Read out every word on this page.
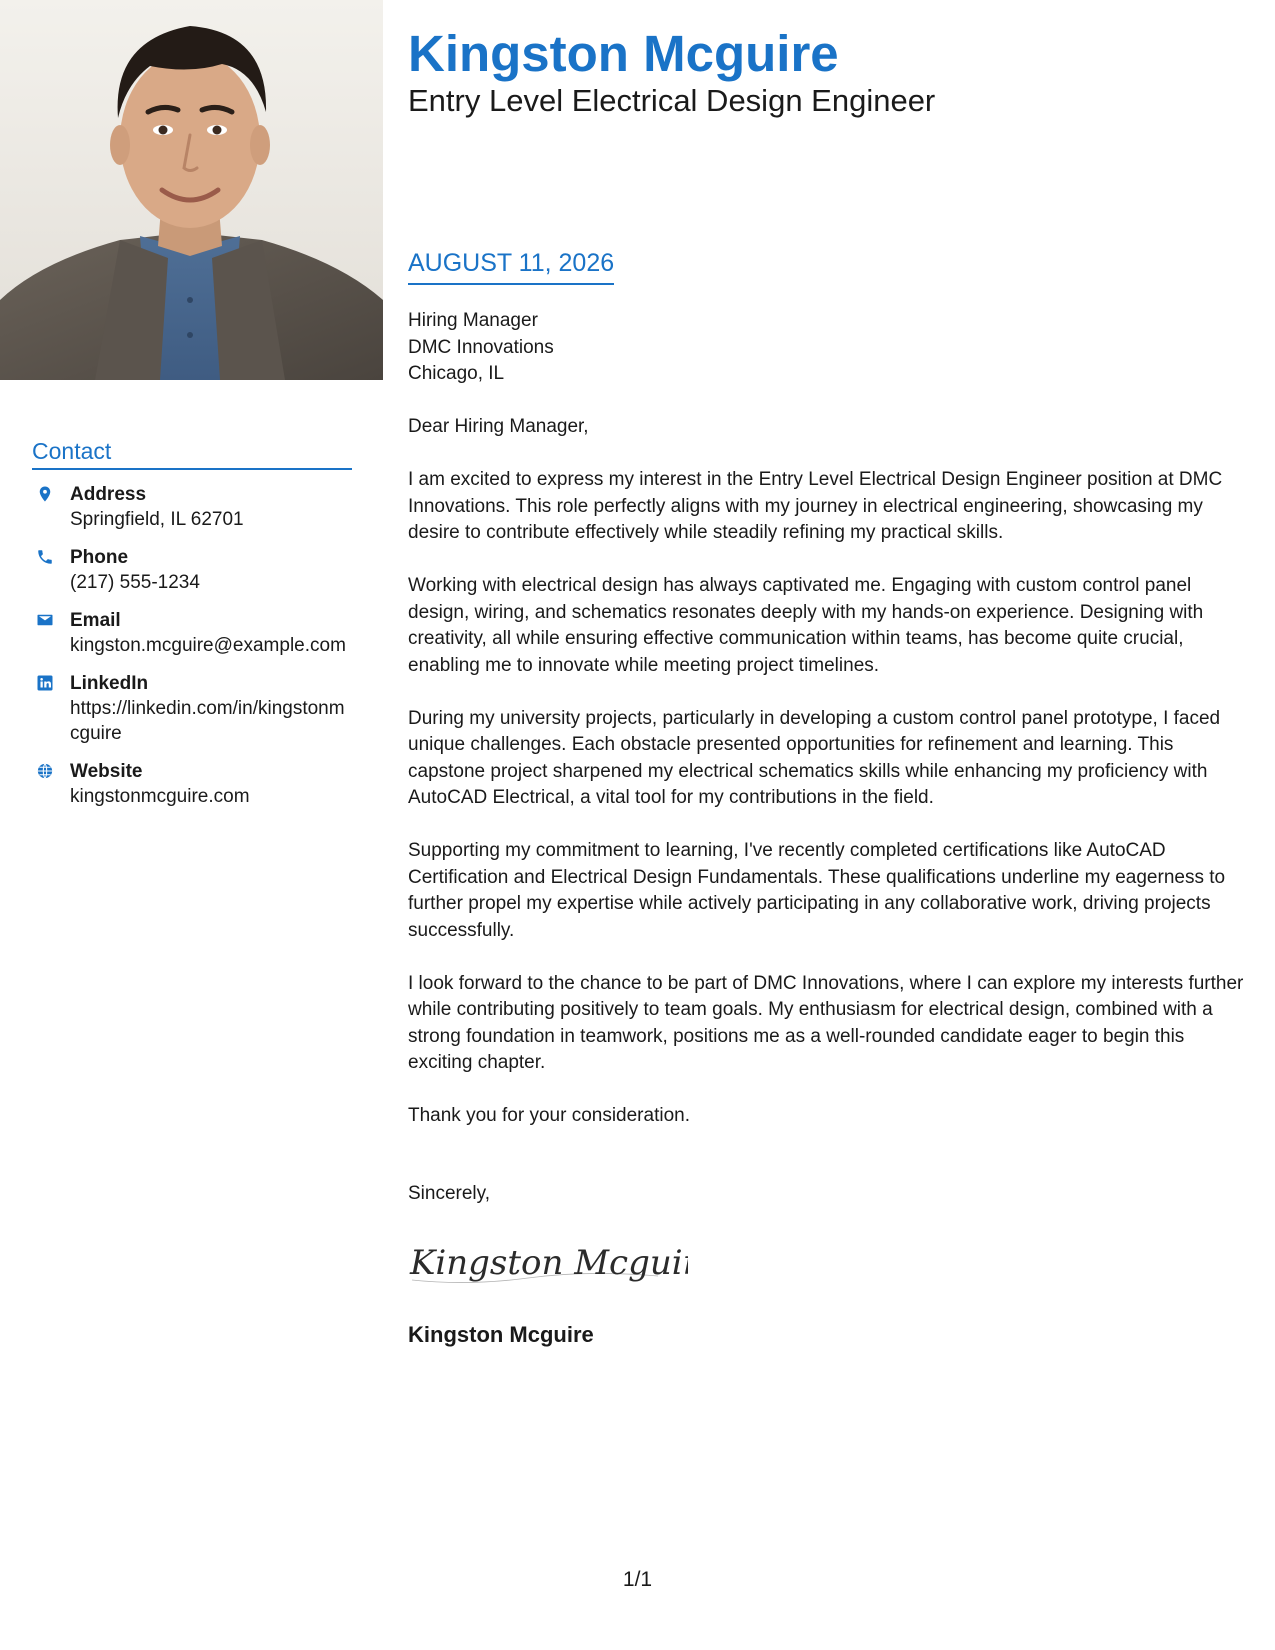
Contact
Address
Springfield, IL 62701
Phone
(217) 555-1234
Email
kingston.mcguire@example.com
LinkedIn
https://linkedin.com/in/kingstonmcguire
Website
kingstonmcguire.com
Kingston Mcguire
Entry Level Electrical Design Engineer
AUGUST 11, 2026
Hiring Manager
DMC Innovations
Chicago, IL

Dear Hiring Manager,

I am excited to express my interest in the Entry Level Electrical Design Engineer position at DMC Innovations. This role perfectly aligns with my journey in electrical engineering, showcasing my desire to contribute effectively while steadily refining my practical skills.

Working with electrical design has always captivated me. Engaging with custom control panel design, wiring, and schematics resonates deeply with my hands-on experience. Designing with creativity, all while ensuring effective communication within teams, has become quite crucial, enabling me to innovate while meeting project timelines.

During my university projects, particularly in developing a custom control panel prototype, I faced unique challenges. Each obstacle presented opportunities for refinement and learning. This capstone project sharpened my electrical schematics skills while enhancing my proficiency with AutoCAD Electrical, a vital tool for my contributions in the field.

Supporting my commitment to learning, I've recently completed certifications like AutoCAD Certification and Electrical Design Fundamentals. These qualifications underline my eagerness to further propel my expertise while actively participating in any collaborative work, driving projects successfully.

I look forward to the chance to be part of DMC Innovations, where I can explore my interests further while contributing positively to team goals. My enthusiasm for electrical design, combined with a strong foundation in teamwork, positions me as a well-rounded candidate eager to begin this exciting chapter.

Thank you for your consideration.

Sincerely,
Kingston Mcguir
Kingston Mcguire
1/1
